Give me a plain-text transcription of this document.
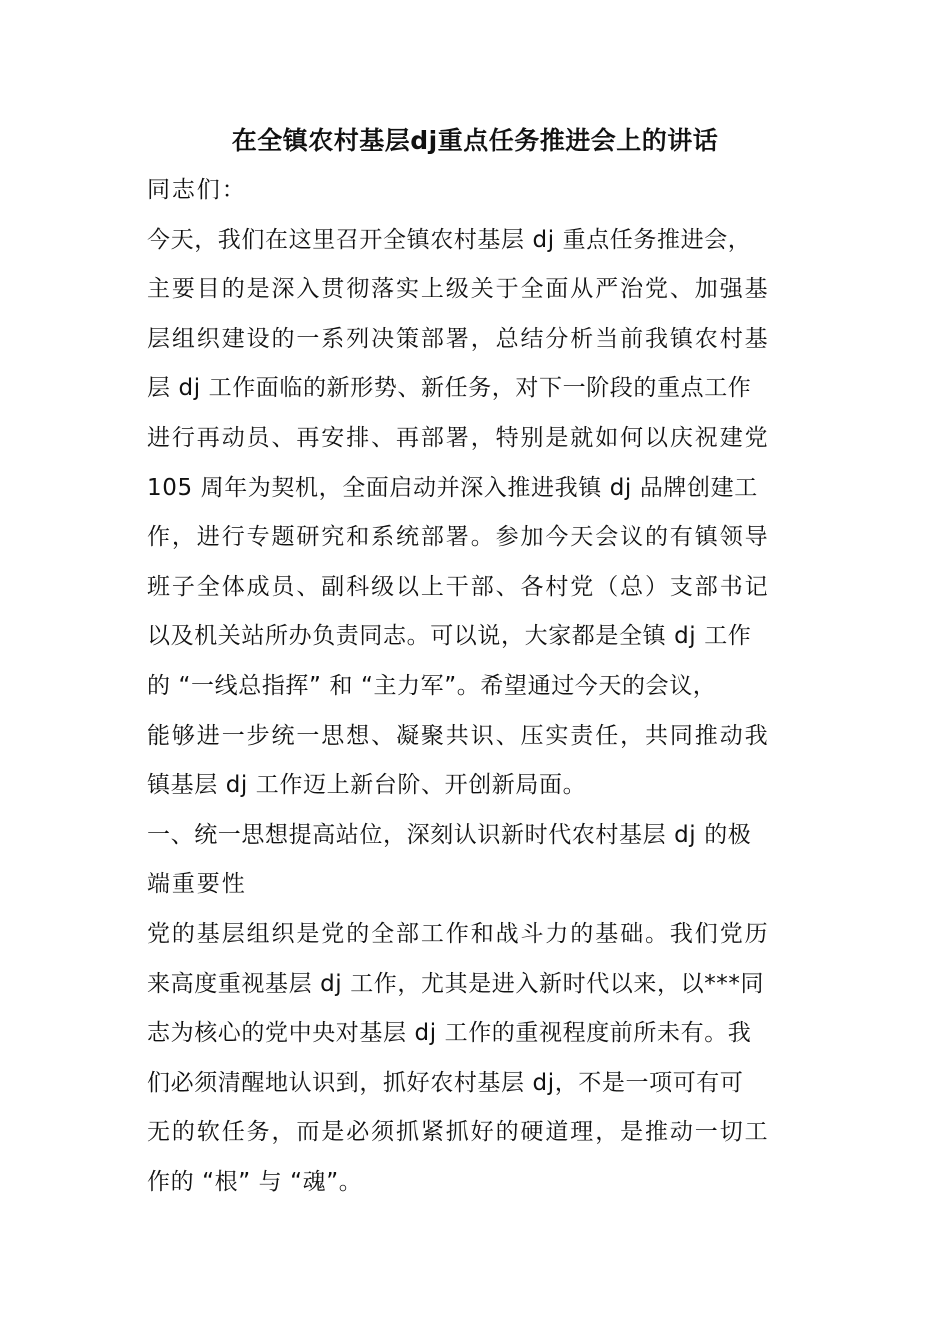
在全镇农村基层dj重点任务推进会上的讲话
同志们：
今天，我们在这里召开全镇农村基层 dj 重点任务推进会，
主要目的是深入贯彻落实上级关于全面从严治党、加强基
层组织建设的一系列决策部署，总结分析当前我镇农村基
层 dj 工作面临的新形势、新任务，对下一阶段的重点工作
进行再动员、再安排、再部署，特别是就如何以庆祝建党
105 周年为契机，全面启动并深入推进我镇 dj 品牌创建工
作，进行专题研究和系统部署。参加今天会议的有镇领导
班子全体成员、副科级以上干部、各村党（总）支部书记
以及机关站所办负责同志。可以说，大家都是全镇 dj 工作
的 “一线总指挥” 和 “主力军”。希望通过今天的会议，
能够进一步统一思想、凝聚共识、压实责任，共同推动我
镇基层 dj 工作迈上新台阶、开创新局面。
一、统一思想提高站位，深刻认识新时代农村基层 dj 的极
端重要性
党的基层组织是党的全部工作和战斗力的基础。我们党历
来高度重视基层 dj 工作，尤其是进入新时代以来，以***同
志为核心的党中央对基层 dj 工作的重视程度前所未有。我
们必须清醒地认识到，抓好农村基层 dj，不是一项可有可
无的软任务，而是必须抓紧抓好的硬道理，是推动一切工
作的 “根” 与 “魂”。
